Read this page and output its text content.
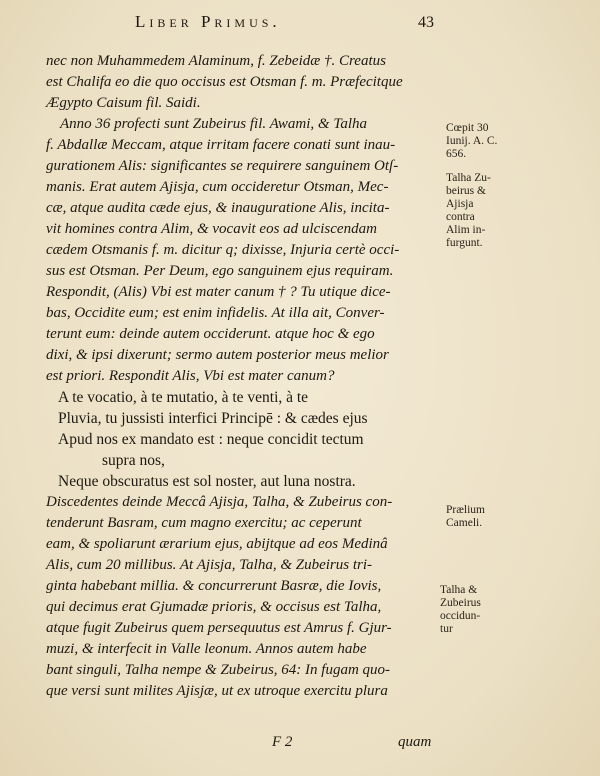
Liber Primus.	43
nec non Muhammedem Alaminum, f. Zebeidæ †. Creatus
est Chalifa eo die quo occisus est Otsman f. m. Præfecitque
Ægypto Caisum fil. Saidi.
Anno 36 profecti sunt Zubeirus fil. Awami, & Talha
f. Abdallæ Meccam, atque irritam facere conati sunt inau-
gurationem Alis: significantes se requirere sanguinem Otſ-
manis. Erat autem Ajisja, cum occideretur Otsman, Mec-
cæ, atque audita cæde ejus, & inauguratione Alis, incita-
vit homines contra Alim, & vocavit eos ad ulciscendam
cædem Otsmanis f. m. dicitur q; dixisse, Injuria certè occi-
sus est Otsman. Per Deum, ego sanguinem ejus requiram.
Respondit, (Alis) Vbi est mater canum † ? Tu utique dice-
bas, Occidite eum; est enim infidelis. At illa ait, Conver-
terunt eum: deinde autem occiderunt. atque hoc & ego
dixi, & ipsi dixerunt; sermo autem posterior meus melior
est priori. Respondit Alis, Vbi est mater canum?
A te vocatio, à te mutatio, à te venti, à te
Pluvia, tu jussisti interfici Principē : & cædes ejus
Apud nos ex mandato est : neque concidit tectum
supra nos,
Neque obscuratus est sol noster, aut luna nostra.
Discedentes deinde Meccâ Ajisja, Talha, & Zubeirus con-
tenderunt Basram, cum magno exercitu; ac ceperunt
eam, & spoliarunt ærarium ejus, abijtque ad eos Medinâ
Alis, cum 20 millibus. At Ajisja, Talha, & Zubeirus tri-
ginta habebant millia. & concurrerunt Basræ, die Iovis,
qui decimus erat Gjumadæ prioris, & occisus est Talha,
atque fugit Zubeirus quem persequutus est Amrus f. Gjur-
muzi, & interfecit in Valle leonum. Annos autem habe
bant singuli, Talha nempe & Zubeirus, 64: In fugam quo-
que versi sunt milites Ajisjæ, ut ex utroque exercitu plura
Cœpit 30
Iunij. A. C.
656.
Talha Zu-
beirus &
Ajisja
contra
Alim in-
furgunt.
Prælium
Cameli.
Talha &
Zubeirus
occidun-
tur
F 2	quam
